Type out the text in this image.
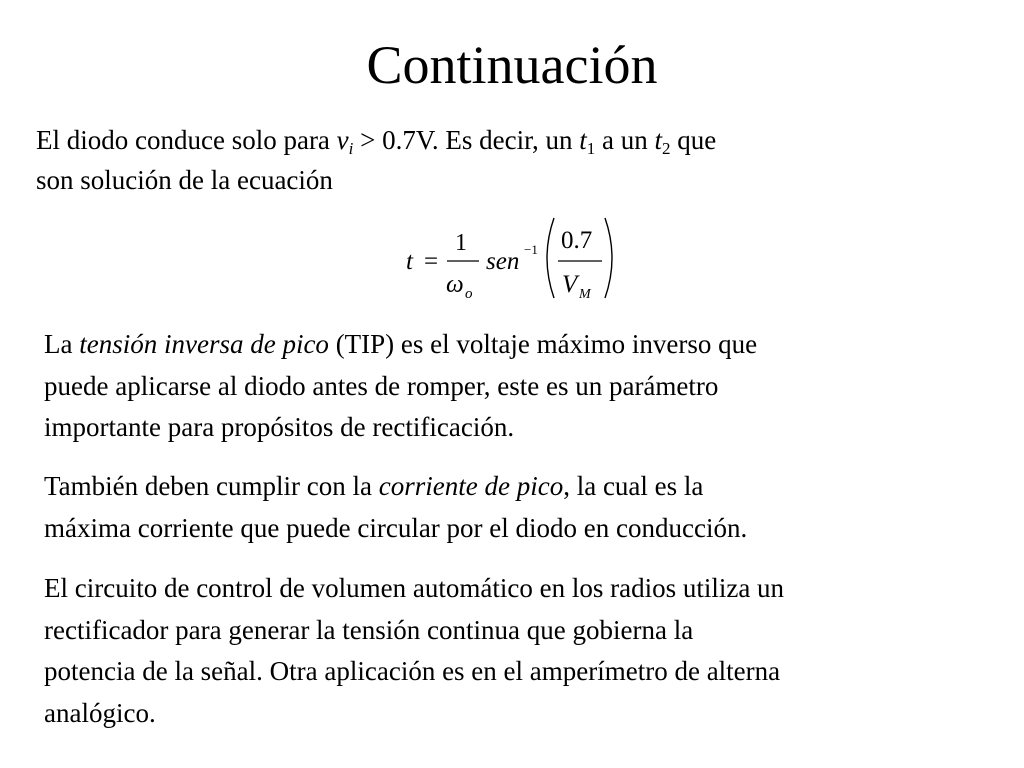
Continuación
El diodo conduce solo para $v_i > 0.7V$. Es decir, un $t_1$ a un $t_2$ que
son solución de la ecuación
t =
1
ω o
sen −1 0.7
V M
La tensión inversa de pico (TIP) es el voltaje máximo inverso que
puede aplicarse al diodo antes de romper, este es un parámetro
importante para propósitos de rectificación.
También deben cumplir con la corriente de pico, la cual es la
máxima corriente que puede circular por el diodo en conducción.
El circuito de control de volumen automático en los radios utiliza un
rectificador para generar la tensión continua que gobierna la
potencia de la señal. Otra aplicación es en el amperímetro de alterna
analógico.
